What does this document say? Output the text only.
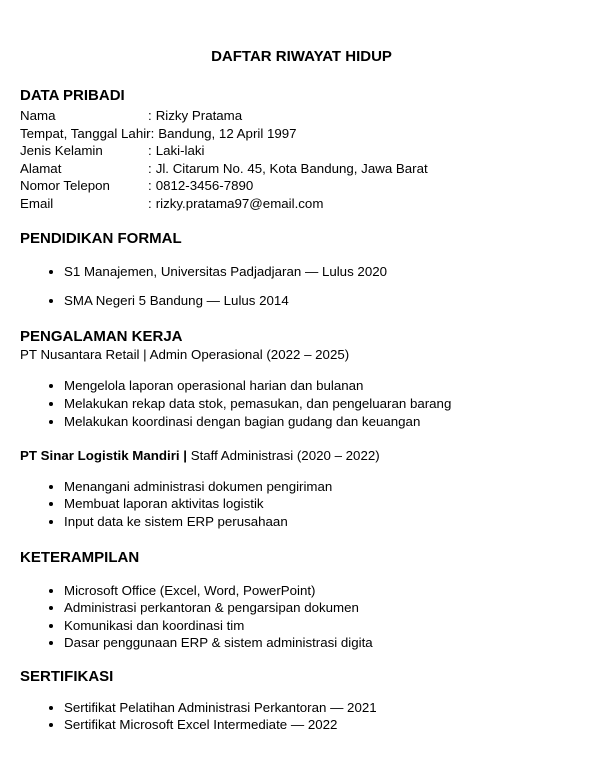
DAFTAR RIWAYAT HIDUP
DATA PRIBADI
Nama	: Rizky Pratama
Tempat, Tanggal Lahir: Bandung, 12 April 1997
Jenis Kelamin	: Laki-laki
Alamat	: Jl. Citarum No. 45, Kota Bandung, Jawa Barat
Nomor Telepon	: 0812-3456-7890
Email	: rizky.pratama97@email.com
PENDIDIKAN FORMAL
• S1 Manajemen, Universitas Padjadjaran — Lulus 2020
• SMA Negeri 5 Bandung — Lulus 2014
PENGALAMAN KERJA

PT Nusantara Retail | Admin Operasional (2022 – 2025)

• Mengelola laporan operasional harian dan bulanan
• Melakukan rekap data stok, pemasukan, dan pengeluaran barang
• Melakukan koordinasi dengan bagian gudang dan keuangan

PT Sinar Logistik Mandiri | Staff Administrasi (2020 – 2022)

• Menangani administrasi dokumen pengiriman
• Membuat laporan aktivitas logistik
• Input data ke sistem ERP perusahaan
KETERAMPILAN
• Microsoft Office (Excel, Word, PowerPoint)
• Administrasi perkantoran & pengarsipan dokumen
• Komunikasi dan koordinasi tim
• Dasar penggunaan ERP & sistem administrasi digita
SERTIFIKASI
• Sertifikat Pelatihan Administrasi Perkantoran — 2021
• Sertifikat Microsoft Excel Intermediate — 2022
